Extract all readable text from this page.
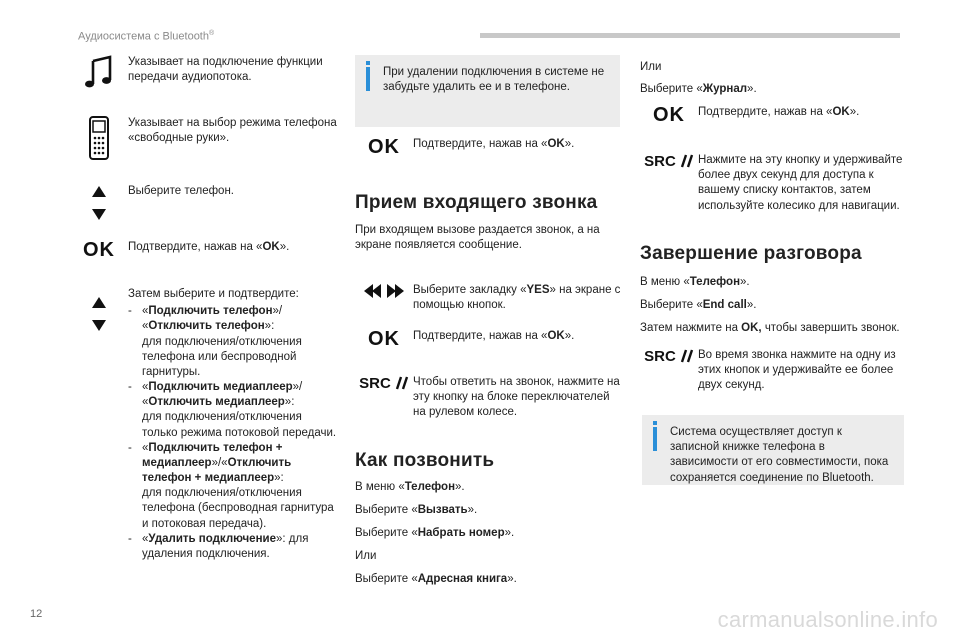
Аудиосистема с Bluetooth®
Указывает на подключение функции передачи аудиопотока.
Указывает на выбор режима телефона «свободные руки».
Выберите телефон.
OK Подтвердите, нажав на «OK».
Затем выберите и подтвердите:
- «Подключить телефон»/ «Отключить телефон»:
для подключения/отключения телефона или беспроводной гарнитуры.
- «Подключить медиаплеер»/ «Отключить медиаплеер»:
для подключения/отключения только режима потоковой передачи.
- «Подключить телефон + медиаплеер»/«Отключить телефон + медиаплеер»:
для подключения/отключения телефона (беспроводная гарнитура и потоковая передача).
- «Удалить подключение»: для удаления подключения.
При удалении подключения в системе не забудьте удалить ее и в телефоне.
OK Подтвердите, нажав на «OK».
Прием входящего звонка
При входящем вызове раздается звонок, а на экране появляется сообщение.
Выберите закладку «YES» на экране с помощью кнопок.
OK Подтвердите, нажав на «OK».
SRC Чтобы ответить на звонок, нажмите на эту кнопку на блоке переключателей на рулевом колесе.
Как позвонить
В меню «Телефон».
Выберите «Вызвать».
Выберите «Набрать номер».
Или
Выберите «Адресная книга».
Или
Выберите «Журнал».
OK Подтвердите, нажав на «OK».
SRC Нажмите на эту кнопку и удерживайте более двух секунд для доступа к вашему списку контактов, затем используйте колесико для навигации.
Завершение разговора
В меню «Телефон».
Выберите «End call».
Затем нажмите на OK, чтобы завершить звонок.
SRC Во время звонка нажмите на одну из этих кнопок и удерживайте ее более двух секунд.
Система осуществляет доступ к записной книжке телефона в зависимости от его совместимости, пока сохраняется соединение по Bluetooth.
12	carmanualsonline.info
